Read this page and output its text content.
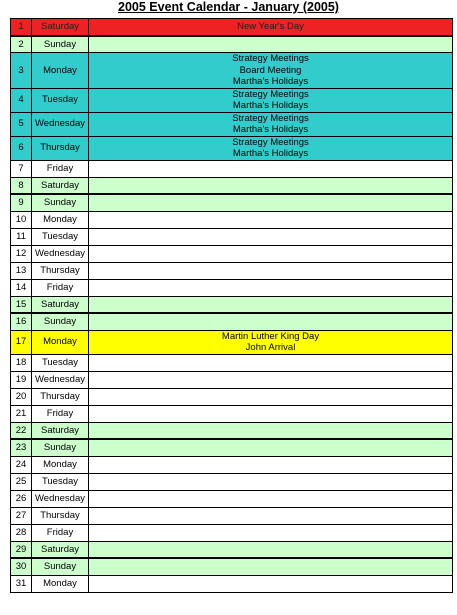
2005 Event Calendar - January (2005)
1	Saturday	New Year's Day

2	Sunday	
3	Monday	Strategy Meetings
Board Meeting
Martha's Holidays

4	Tuesday	Strategy Meetings
Martha's Holidays

5	Wednesday	Strategy Meetings
Martha's Holidays

6	Thursday	Strategy Meetings
Martha's Holidays

7	Friday	
8	Saturday	
9	Sunday	
10	Monday	
11	Tuesday	
12	Wednesday	
13	Thursday	
14	Friday	
15	Saturday	
16	Sunday	
17	Monday	Martin Luther King Day
John Arrival

18	Tuesday	
19	Wednesday	
20	Thursday	
21	Friday	
22	Saturday	
23	Sunday	
24	Monday	
25	Tuesday	
26	Wednesday	
27	Thursday	
28	Friday	
29	Saturday	
30	Sunday	
31	Monday	
